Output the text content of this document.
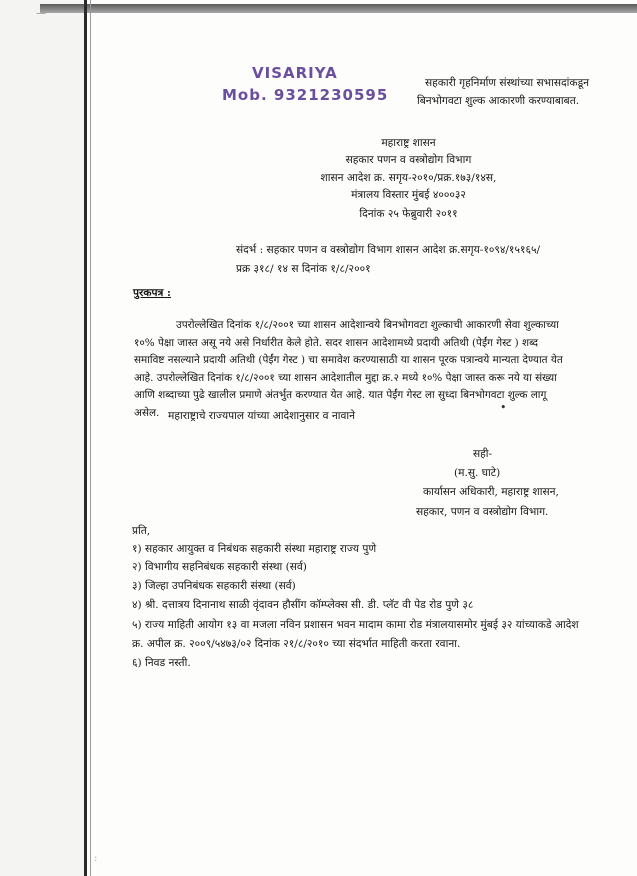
—
:
VISARIYA
Mob. 9321230595
सहकारी गृहनिर्माण संस्थांच्या सभासदांकडून
बिनभोगवटा शुल्क आकारणी करण्याबाबत.
महाराष्ट्र शासन
सहकार पणन व वस्त्रोद्योग विभाग
शासन आदेश क्र. सगृय-२०१०/प्रक्र.१७३/१४स,
मंत्रालय विस्तार मुंबई ४०००३२
दिनांक २५ फेब्रुवारी २०११
संदर्भ : सहकार पणन व वस्त्रोद्योग विभाग शासन आदेश क्र.सगृय-१०९४/१५१६५/
प्रक्र ३१८/ १४ स दिनांक १/८/२००१
पुरकपत्र :
उपरोल्लेखित दिनांक १/८/२००१ च्या शासन आदेशान्वये बिनभोगवटा शुल्काची आकारणी सेवा शुल्काच्या
१०% पेक्षा जास्त असू नये असे निर्धारीत केले होते. सदर शासन आदेशामध्ये प्रदायी अतिथी (पेईंग गेस्ट ) शब्द
समाविष्ट नसल्याने प्रदायी अतिथी (पेईंग गेस्ट ) चा समावेश करण्यासाठी या शासन पूरक पत्रान्वये मान्यता देण्यात येत
आहे. उपरोल्लेखित दिनांक १/८/२००१ च्या शासन आदेशातील मुद्दा क्र.२ मध्ये १०% पेक्षा जास्त करू नये या संख्या
आणि शब्दाच्या पुढे खालील प्रमाणे अंतर्भुत करण्यात येत आहे. यात पेईंग गेस्ट ला सुध्दा बिनभोगवटा शुल्क लागू
असेल. महाराष्ट्राचे राज्यपाल यांच्या आदेशानुसार व नावाने
•
सही-
(म.सु. घाटे)
कार्यासन अधिकारी, महाराष्ट्र शासन,
सहकार, पणन व वस्त्रोद्योग विभाग.
प्रति,
१) सहकार आयुक्त व निबंधक सहकारी संस्था महाराष्ट्र राज्य पुणे
२) विभागीय सहनिबंधक सहकारी संस्था (सर्व)
३) जिल्हा उपनिबंधक सहकारी संस्था (सर्व)
४) श्री. दत्तात्रय दिनानाथ साळी वृंदावन हौसींग कॉम्प्लेक्स सी. डी. प्लॅट वी पेड रोड पुणे ३८
५) राज्य माहिती आयोग १३ वा मजला नविन प्रशासन भवन मादाम कामा रोड मंत्रालयासमोर मुंबई ३२ यांच्याकडे आदेश
क्र. अपील क्र. २००९/५४७३/०२ दिनांक २१/८/२०१० च्या संदर्भात माहिती करता रवाना.
६) निवड नस्ती.
